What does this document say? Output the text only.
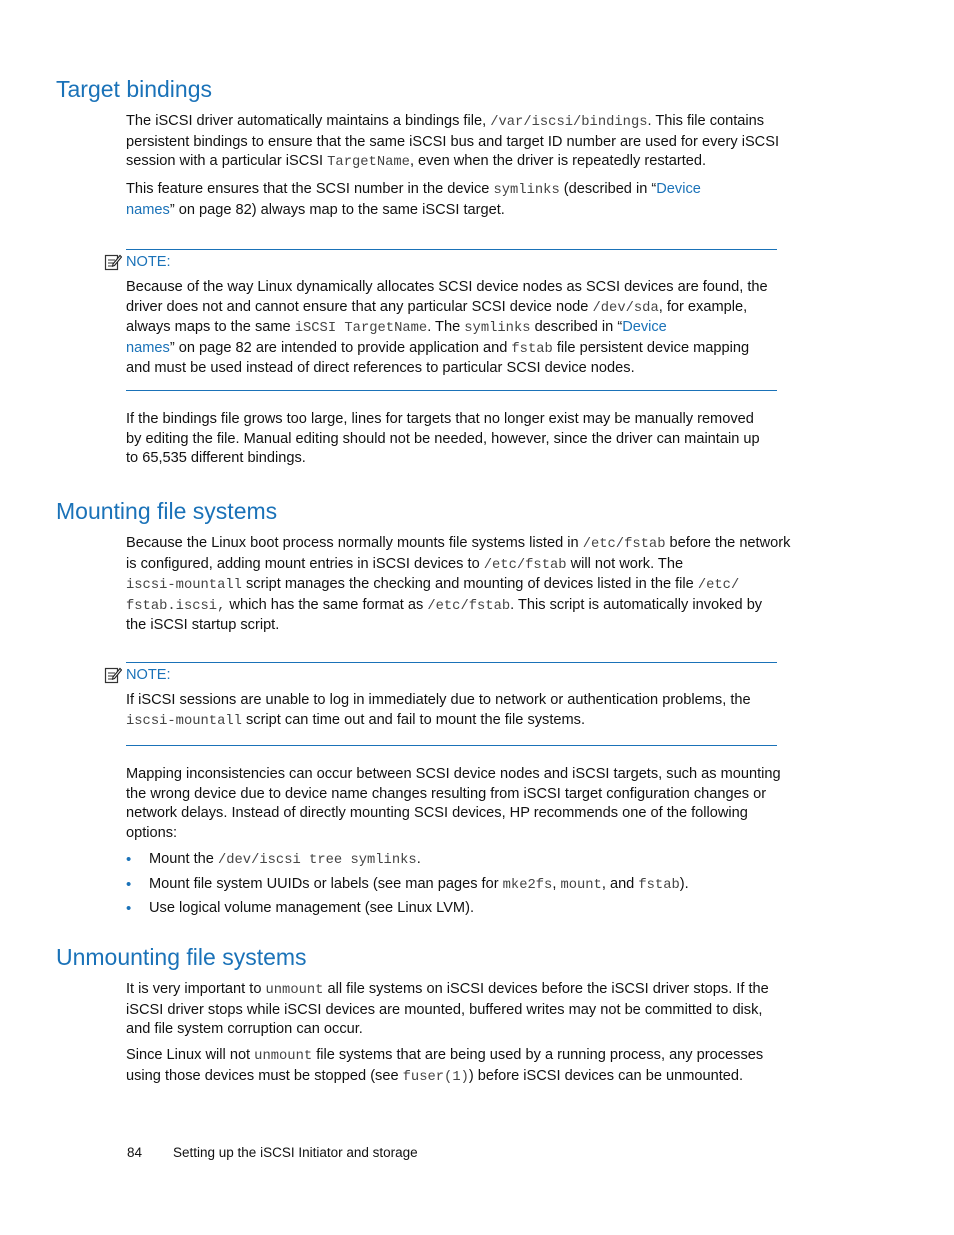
Target bindings
The iSCSI driver automatically maintains a bindings file, /var/iscsi/bindings. This file contains
persistent bindings to ensure that the same iSCSI bus and target ID number are used for every iSCSI
session with a particular iSCSI TargetName, even when the driver is repeatedly restarted.
This feature ensures that the SCSI number in the device symlinks (described in “Device
names” on page 82) always map to the same iSCSI target.
NOTE:
Because of the way Linux dynamically allocates SCSI device nodes as SCSI devices are found, the
driver does not and cannot ensure that any particular SCSI device node /dev/sda, for example,
always maps to the same iSCSI TargetName. The symlinks described in “Device
names” on page 82 are intended to provide application and fstab file persistent device mapping
and must be used instead of direct references to particular SCSI device nodes.
If the bindings file grows too large, lines for targets that no longer exist may be manually removed
by editing the file. Manual editing should not be needed, however, since the driver can maintain up
to 65,535 different bindings.
Mounting file systems
Because the Linux boot process normally mounts file systems listed in /etc/fstab before the network
is configured, adding mount entries in iSCSI devices to /etc/fstab will not work. The
iscsi-mountall script manages the checking and mounting of devices listed in the file /etc/
fstab.iscsi, which has the same format as /etc/fstab. This script is automatically invoked by
the iSCSI startup script.
NOTE:
If iSCSI sessions are unable to log in immediately due to network or authentication problems, the
iscsi-mountall script can time out and fail to mount the file systems.
Mapping inconsistencies can occur between SCSI device nodes and iSCSI targets, such as mounting
the wrong device due to device name changes resulting from iSCSI target configuration changes or
network delays. Instead of directly mounting SCSI devices, HP recommends one of the following
options:
• Mount the /dev/iscsi tree symlinks.
• Mount file system UUIDs or labels (see man pages for mke2fs, mount, and fstab).
• Use logical volume management (see Linux LVM).
Unmounting file systems
It is very important to unmount all file systems on iSCSI devices before the iSCSI driver stops. If the
iSCSI driver stops while iSCSI devices are mounted, buffered writes may not be committed to disk,
and file system corruption can occur.
Since Linux will not unmount file systems that are being used by a running process, any processes
using those devices must be stopped (see fuser(1)) before iSCSI devices can be unmounted.
84 Setting up the iSCSI Initiator and storage
